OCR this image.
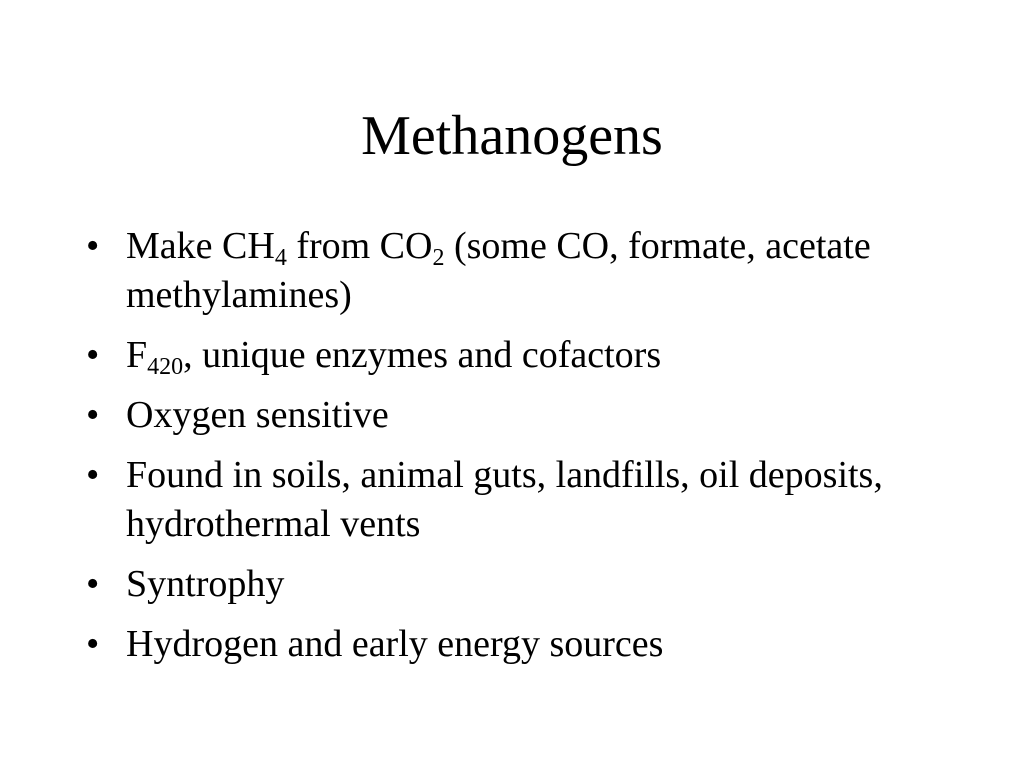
Methanogens
• Make $CH_4$ from $CO_2$ (some CO, formate, acetate methylamines)
• $F_{420}$, unique enzymes and cofactors
• Oxygen sensitive
• Found in soils, animal guts, landfills, oil deposits, hydrothermal vents
• Syntrophy
• Hydrogen and early energy sources
